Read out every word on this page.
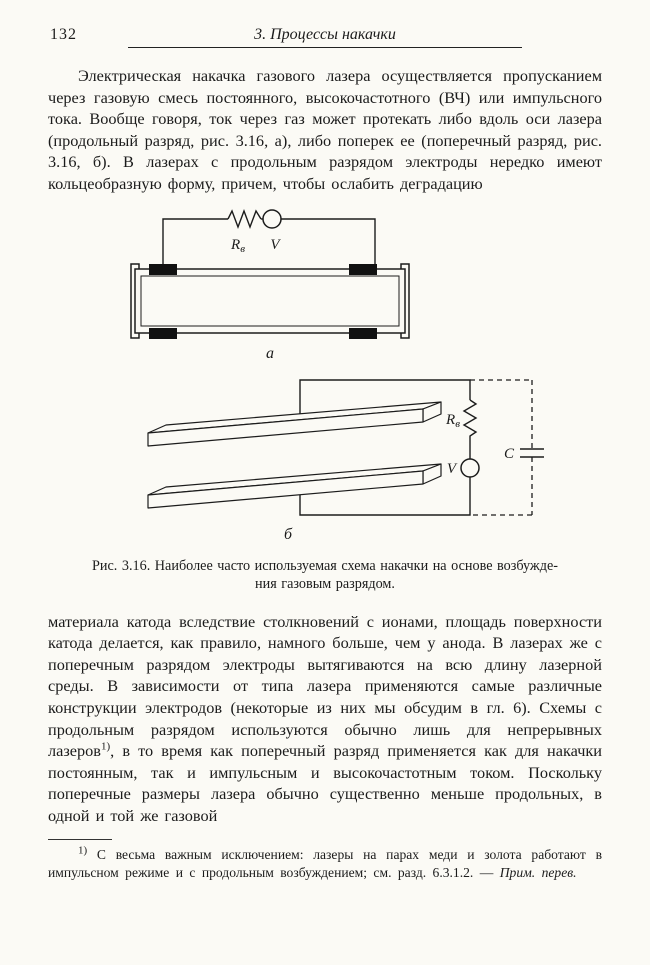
132	3. Процессы накачки

Электрическая накачка газового лазера осуществляется пропусканием через газовую смесь постоянного, высокочастотного (ВЧ) или импульсного тока. Вообще говоря, ток через газ может протекать либо вдоль оси лазера (продольный разряд, рис. 3.16, а), либо поперек ее (поперечный разряд, рис. 3.16, б). В лазерах с продольным разрядом электроды нередко имеют кольцеобразную форму, причем, чтобы ослабить деградацию

$R_в$ V
а
$R_в$
V
C
б
Рис. 3.16. Наиболее часто используемая схема накачки на основе возбужде-
ния газовым разрядом.

материала катода вследствие столкновений с ионами, площадь поверхности катода делается, как правило, намного больше, чем у анода. В лазерах же с поперечным разрядом электроды вытягиваются на всю длину лазерной среды. В зависимости от типа лазера применяются самые различные конструкции электродов (некоторые из них мы обсудим в гл. 6). Схемы с продольным разрядом используются обычно лишь для непрерывных лазеров$^{1)}$, в то время как поперечный разряд применяется как для накачки постоянным, так и импульсным и высокочастотным током. Поскольку поперечные размеры лазера обычно существенно меньше продольных, в одной и той же газовой

$^{1)}$ С весьма важным исключением: лазеры на парах меди и золота работают в импульсном режиме и с продольным возбуждением; см. разд. 6.3.1.2. — Прим. перев.
